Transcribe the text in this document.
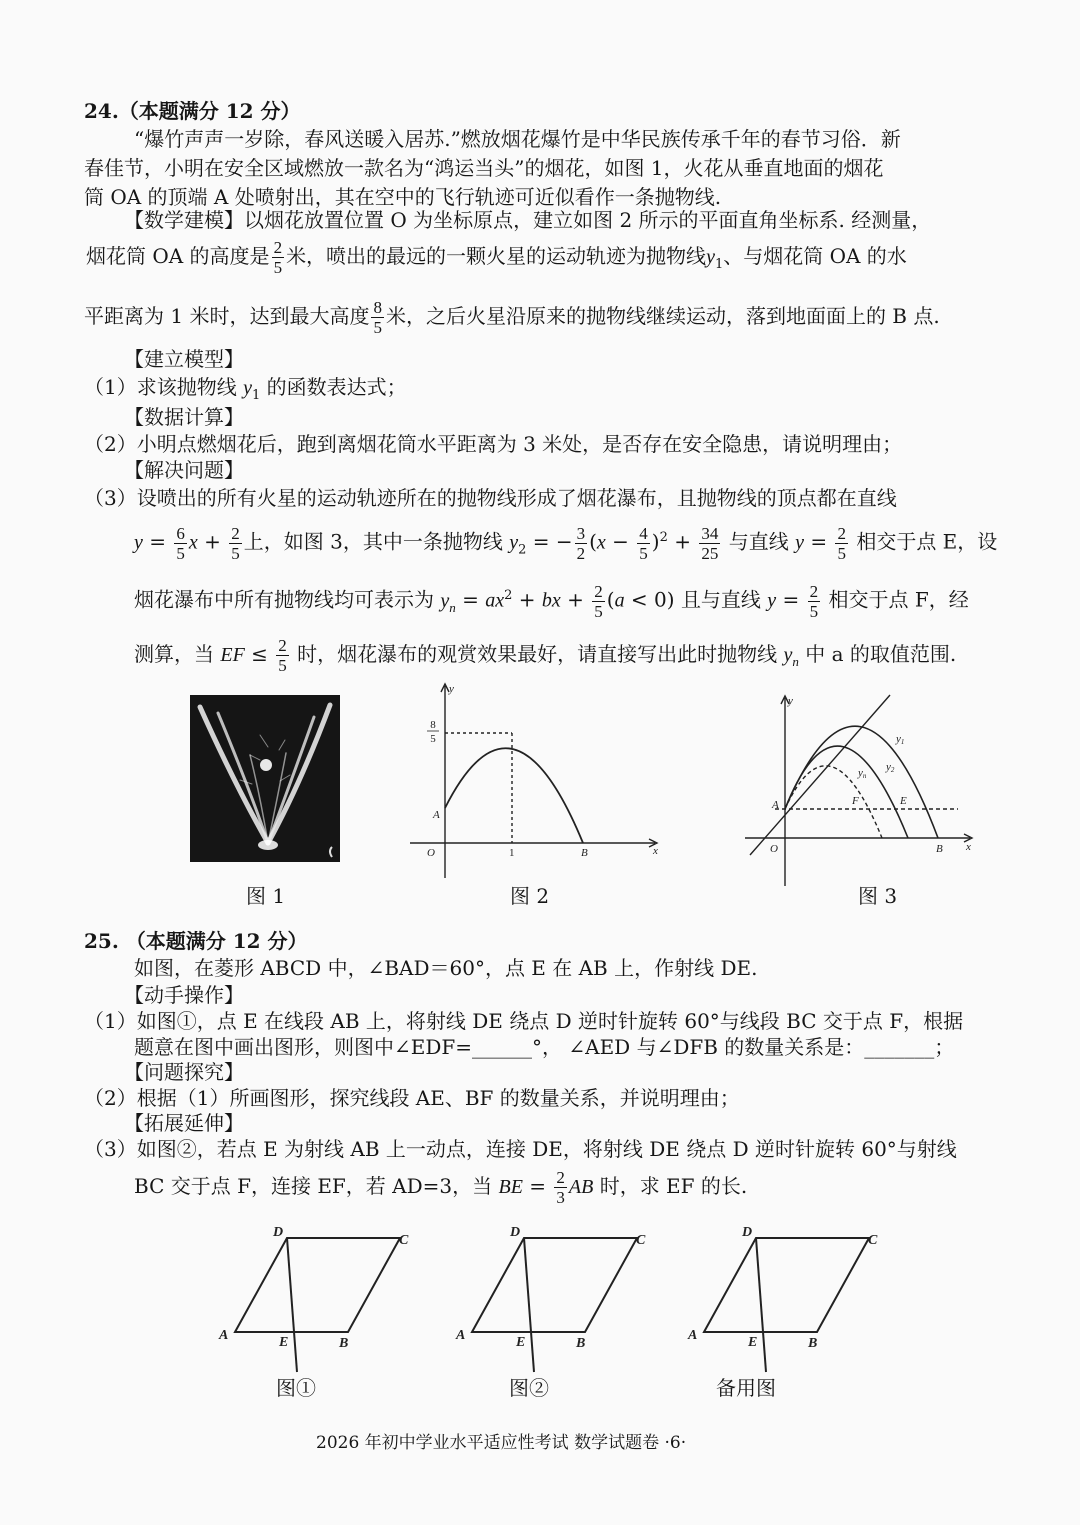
24.（本题满分 12 分）
“爆竹声声一岁除，春风送暖入居苏.”燃放烟花爆竹是中华民族传承千年的春节习俗．新
春佳节，小明在安全区域燃放一款名为“鸿运当头”的烟花，如图 1，火花从垂直地面的烟花
筒 OA 的顶端 A 处喷射出，其在空中的飞行轨迹可近似看作一条抛物线.
【数学建模】以烟花放置位置 O 为坐标原点，建立如图 2 所示的平面直角坐标系. 经测量，
烟花筒 OA 的高度是 $\frac{2}{5}$ 米，喷出的最远的一颗火星的运动轨迹为抛物线$y_1$、与烟花筒 OA 的水
平距离为 1 米时，达到最大高度 $\frac{8}{5}$ 米，之后火星沿原来的抛物线继续运动，落到地面面上的 B 点.
【建立模型】
（1）求该抛物线 $y_1$ 的函数表达式；
【数据计算】
（2）小明点燃烟花后，跑到离烟花筒水平距离为 3 米处，是否存在安全隐患，请说明理由；
【解决问题】
（3）设喷出的所有火星的运动轨迹所在的抛物线形成了烟花瀑布，且抛物线的顶点都在直线
$y = \frac{6}{5}$ $x + \frac{2}{5}$ 上，如图 3，其中一条抛物线 $y_2$ = − $\frac{3}{2} (x - \frac{4}{5} )^2 + \frac{34}{25}$ 与直线 $y = \frac{2}{5}$ 相交于点 E，设
烟花瀑布中所有抛物线均可表示为 $y_n = ax^2$ + bx + $\frac{2}{5} (a < 0)$ 且与直线 $y = \frac{2}{5}$ 相交于点 F，经
测算，当 EF ≤ $\frac{2}{5}$ 时，烟花瀑布的观赏效果最好，请直接写出此时抛物线 $y_n$ 中 a 的取值范围.
y
x
A
O	1	B
8
5
y
x
A
O	B
F	E
y1
y2
yn
图 1	图 2	图 3
25. （本题满分 12 分）
如图，在菱形 ABCD 中，∠BAD＝60°，点 E 在 AB 上，作射线 DE.
【动手操作】
（1）如图①，点 E 在线段 AB 上，将射线 DE 绕点 D 逆时针旋转 60°与线段 BC 交于点 F，根据
题意在图中画出图形，则图中∠EDF=______°， ∠AED 与∠DFB 的数量关系是：_______；
【问题探究】
（2）根据（1）所画图形，探究线段 AE、BF 的数量关系，并说明理由；
【拓展延伸】
（3）如图②，若点 E 为射线 AB 上一动点，连接 DE，将射线 DE 绕点 D 逆时针旋转 60°与射线
BC 交于点 F，连接 EF，若 AD=3，当 BE = $\frac{2}{3}$ AB 时，求 EF 的长.
A
D
C
B
E	A
D
C
B
E	A
D
C
B
E
图①	图②	备用图
2026 年初中学业水平适应性考试 数学试题卷 ·6·
